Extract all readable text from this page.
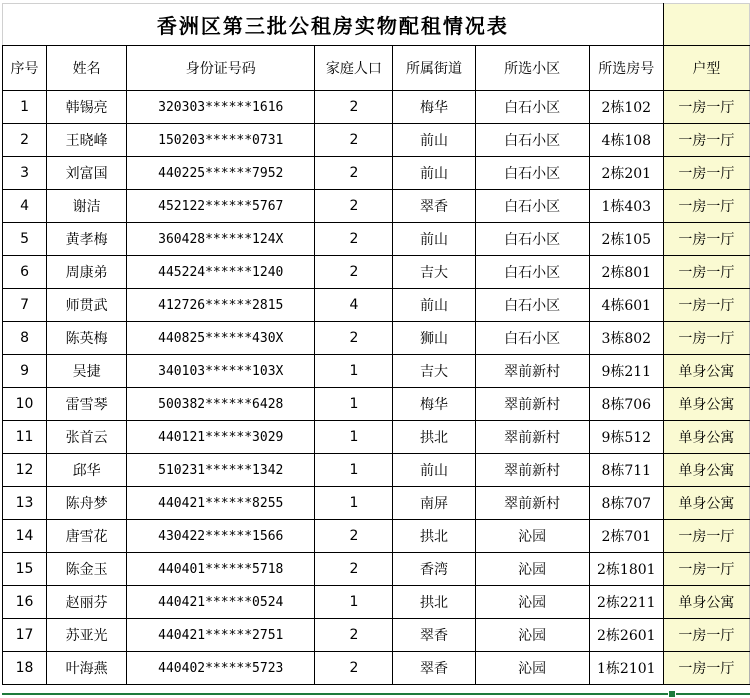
香洲区第三批公租房实物配租情况表							
序号	姓名	身份证号码	家庭人口	所属街道	所选小区	所选房号	户型
1	韩锡亮	320303******1616	2	梅华	白石小区	2栋102	一房一厅
2	王晓峰	150203******0731	2	前山	白石小区	4栋108	一房一厅
3	刘富国	440225******7952	2	前山	白石小区	2栋201	一房一厅
4	谢洁	452122******5767	2	翠香	白石小区	1栋403	一房一厅
5	黄孝梅	360428******124X	2	前山	白石小区	2栋105	一房一厅
6	周康弟	445224******1240	2	吉大	白石小区	2栋801	一房一厅
7	师贯武	412726******2815	4	前山	白石小区	4栋601	一房一厅
8	陈英梅	440825******430X	2	狮山	白石小区	3栋802	一房一厅
9	吴捷	340103******103X	1	吉大	翠前新村	9栋211	单身公寓
10	雷雪琴	500382******6428	1	梅华	翠前新村	8栋706	单身公寓
11	张首云	440121******3029	1	拱北	翠前新村	9栋512	单身公寓
12	邱华	510231******1342	1	前山	翠前新村	8栋711	单身公寓
13	陈舟梦	440421******8255	1	南屏	翠前新村	8栋707	单身公寓
14	唐雪花	430422******1566	2	拱北	沁园	2栋701	一房一厅
15	陈金玉	440401******5718	2	香湾	沁园	2栋1801	一房一厅
16	赵丽芬	440421******0524	1	拱北	沁园	2栋2211	单身公寓
17	苏亚光	440421******2751	2	翠香	沁园	2栋2601	一房一厅
18	叶海燕	440402******5723	2	翠香	沁园	1栋2101	一房一厅
